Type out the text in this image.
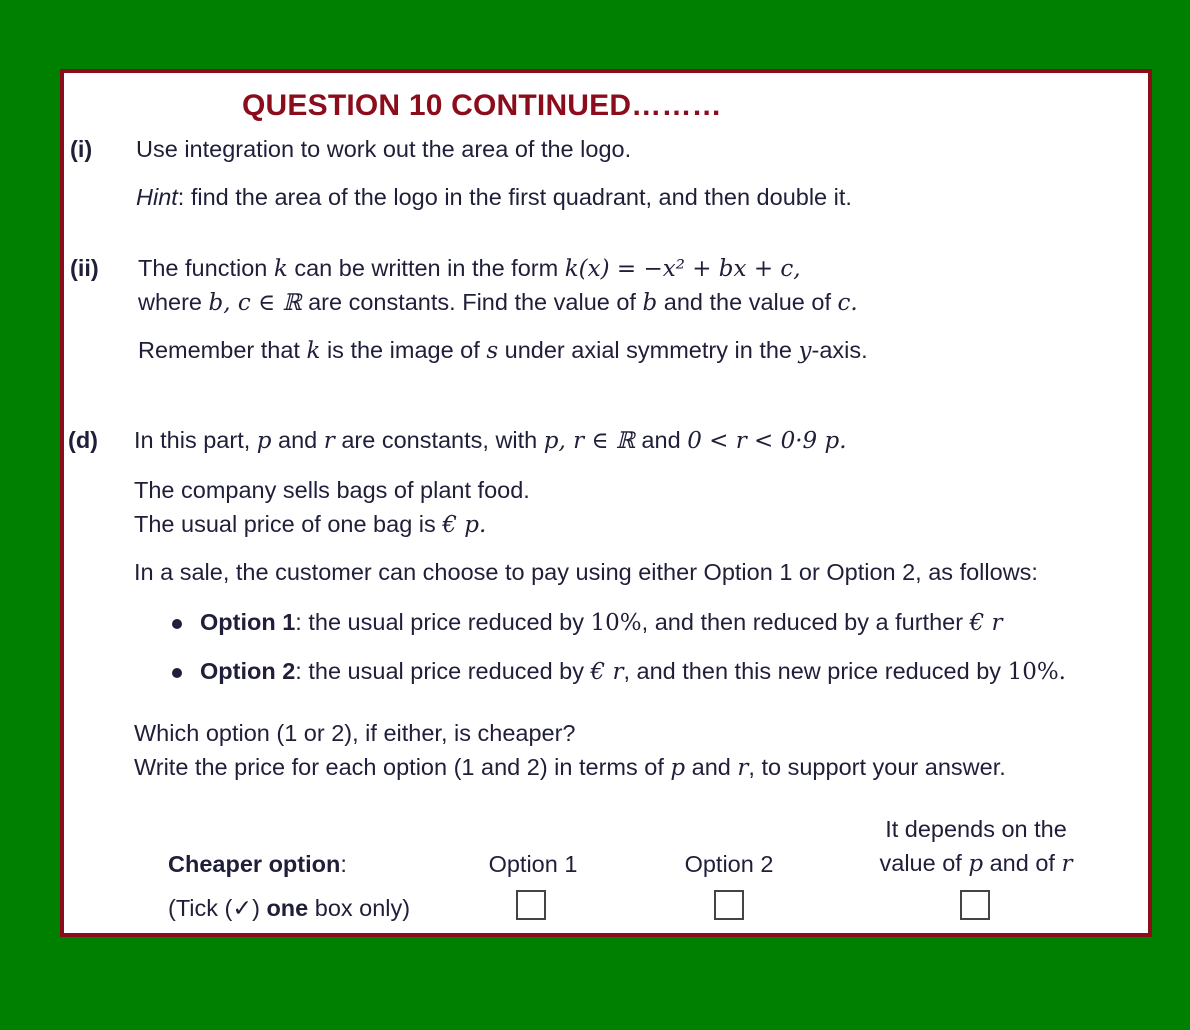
QUESTION 10 CONTINUED………
(i) Use integration to work out the area of the logo.
Hint: find the area of the logo in the first quadrant, and then double it.
(ii) The function k can be written in the form k(x) = −x² + bx + c,
where b, c ∈ ℝ are constants. Find the value of b and the value of c.
Remember that k is the image of s under axial symmetry in the y-axis.
(d) In this part, p and r are constants, with p, r ∈ ℝ and 0 < r < 0·9 p.
The company sells bags of plant food.
The usual price of one bag is € p.
In a sale, the customer can choose to pay using either Option 1 or Option 2, as follows:
Option 1: the usual price reduced by 10%, and then reduced by a further € r
Option 2: the usual price reduced by € r, and then this new price reduced by 10%.
Which option (1 or 2), if either, is cheaper?
Write the price for each option (1 and 2) in terms of p and r, to support your answer.
Cheaper option:
(Tick (✓) one box only)
Option 1	Option 2
It depends on the
value of p and of r
